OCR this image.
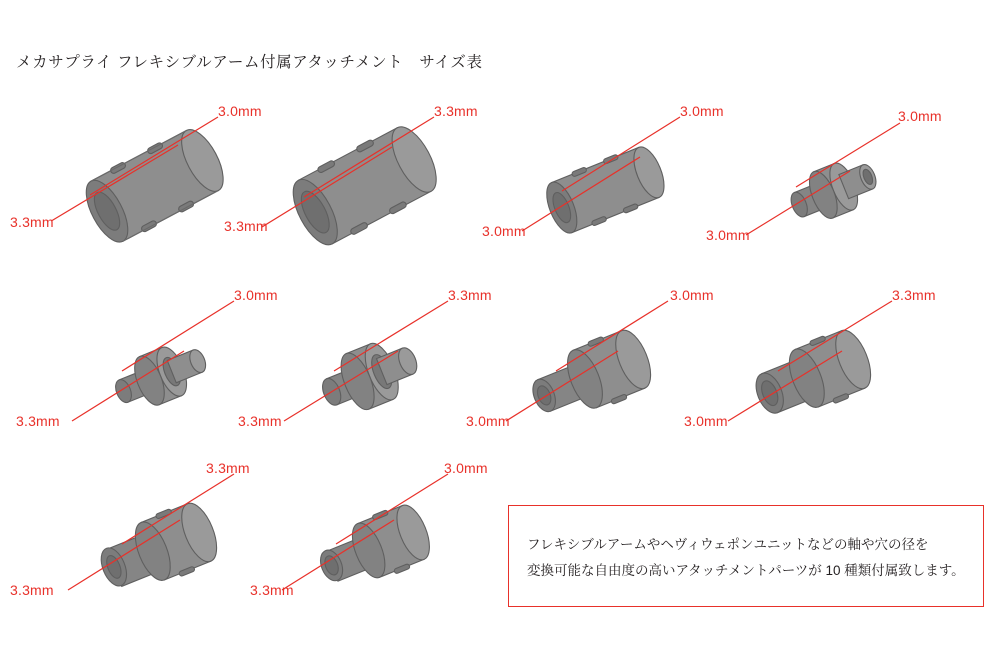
メカサプライ フレキシブルアーム付属アタッチメント　サイズ表
3.0mm
3.3mm
3.3mm
3.3mm
3.0mm
3.0mm
3.0mm
3.0mm
3.0mm
3.3mm
3.3mm
3.3mm
3.0mm
3.0mm
3.3mm
3.0mm
3.3mm
3.3mm
3.0mm
3.3mm
フレキシブルアームやヘヴィウェポンユニットなどの軸や穴の径を
変換可能な自由度の高いアタッチメントパーツが 10 種類付属致します。
